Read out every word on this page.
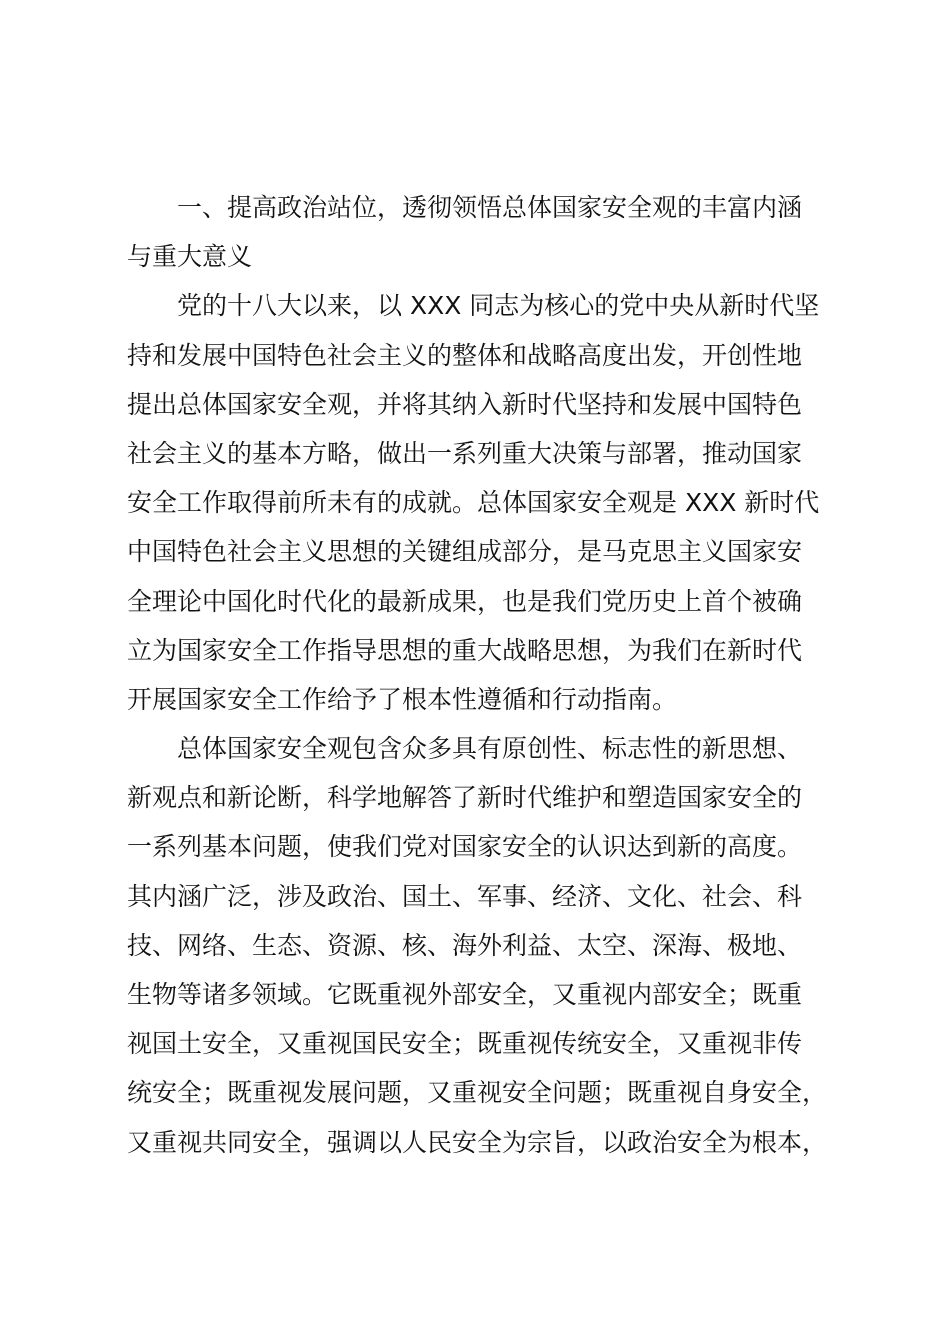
一、提高政治站位，透彻领悟总体国家安全观的丰富内涵
与重大意义

党的十八大以来，以 XXX 同志为核心的党中央从新时代坚
持和发展中国特色社会主义的整体和战略高度出发，开创性地
提出总体国家安全观，并将其纳入新时代坚持和发展中国特色
社会主义的基本方略，做出一系列重大决策与部署，推动国家
安全工作取得前所未有的成就。总体国家安全观是 XXX 新时代
中国特色社会主义思想的关键组成部分，是马克思主义国家安
全理论中国化时代化的最新成果，也是我们党历史上首个被确
立为国家安全工作指导思想的重大战略思想，为我们在新时代
开展国家安全工作给予了根本性遵循和行动指南。

总体国家安全观包含众多具有原创性、标志性的新思想、
新观点和新论断，科学地解答了新时代维护和塑造国家安全的
一系列基本问题，使我们党对国家安全的认识达到新的高度。
其内涵广泛，涉及政治、国土、军事、经济、文化、社会、科
技、网络、生态、资源、核、海外利益、太空、深海、极地、
生物等诸多领域。它既重视外部安全，又重视内部安全；既重
视国土安全，又重视国民安全；既重视传统安全，又重视非传
统安全；既重视发展问题，又重视安全问题；既重视自身安全，
又重视共同安全，强调以人民安全为宗旨，以政治安全为根本，
